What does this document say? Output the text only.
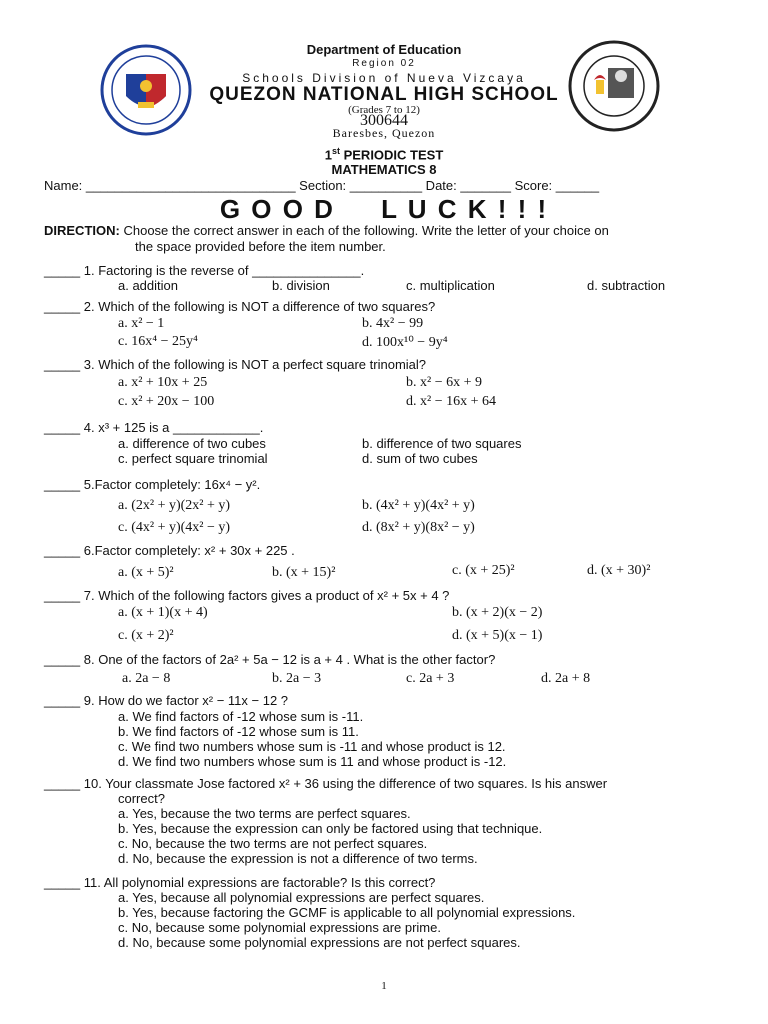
Department of Education
Region 02
Schools Division of Nueva Vizcaya
QUEZON NATIONAL HIGH SCHOOL
(Grades 7 to 12)
300644
Baresbes, Quezon
1st PERIODIC TEST
MATHEMATICS 8
Name: _____________________________ Section: __________ Date: _______ Score: ______
G O O D     L U C K ! ! !
DIRECTION: Choose the correct answer in each of the following. Write the letter of your choice on
the space provided before the item number.
_____ 1. Factoring is the reverse of _______________.
a. addition	b. division	c. multiplication	d. subtraction
_____ 2. Which of the following is NOT a difference of two squares?
a. x² − 1	b. 4x² − 99
c. 16x⁴ − 25y⁴	d. 100x¹⁰ − 9y⁴
_____ 3. Which of the following is NOT a perfect square trinomial?
a. x² + 10x + 25	b. x² − 6x + 9
c. x² + 20x − 100	d. x² − 16x + 64
_____ 4. x³ + 125 is a ____________.
a. difference of two cubes	b. difference of two squares
c. perfect square trinomial	d. sum of two cubes
_____ 5.Factor completely: 16x⁴ − y².
a. (2x² + y)(2x² + y)	b. (4x² + y)(4x² + y)
c. (4x² + y)(4x² − y)	d. (8x² + y)(8x² − y)
_____ 6.Factor completely: x² + 30x + 225 .
a. (x + 5)²	b. (x + 15)²	c. (x + 25)²	d. (x + 30)²
_____ 7. Which of the following factors gives a product of x² + 5x + 4 ?
a. (x + 1)(x + 4)	b. (x + 2)(x − 2)
c. (x + 2)²	d. (x + 5)(x − 1)
_____ 8. One of the factors of 2a² + 5a − 12 is a + 4 . What is the other factor?
a. 2a − 8	b. 2a − 3	c. 2a + 3	d. 2a + 8
_____ 9. How do we factor x² − 11x − 12 ?
a. We find factors of -12 whose sum is -11.
b. We find factors of -12 whose sum is 11.
c. We find two numbers whose sum is -11 and whose product is 12.
d. We find two numbers whose sum is 11 and whose product is -12.
_____ 10. Your classmate Jose factored x² + 36 using the difference of two squares. Is his answer
correct?
a. Yes, because the two terms are perfect squares.
b. Yes, because the expression can only be factored using that technique.
c. No, because the two terms are not perfect squares.
d. No, because the expression is not a difference of two terms.
_____ 11. All polynomial expressions are factorable? Is this correct?
a. Yes, because all polynomial expressions are perfect squares.
b. Yes, because factoring the GCMF is applicable to all polynomial expressions.
c. No, because some polynomial expressions are prime.
d. No, because some polynomial expressions are not perfect squares.
1
